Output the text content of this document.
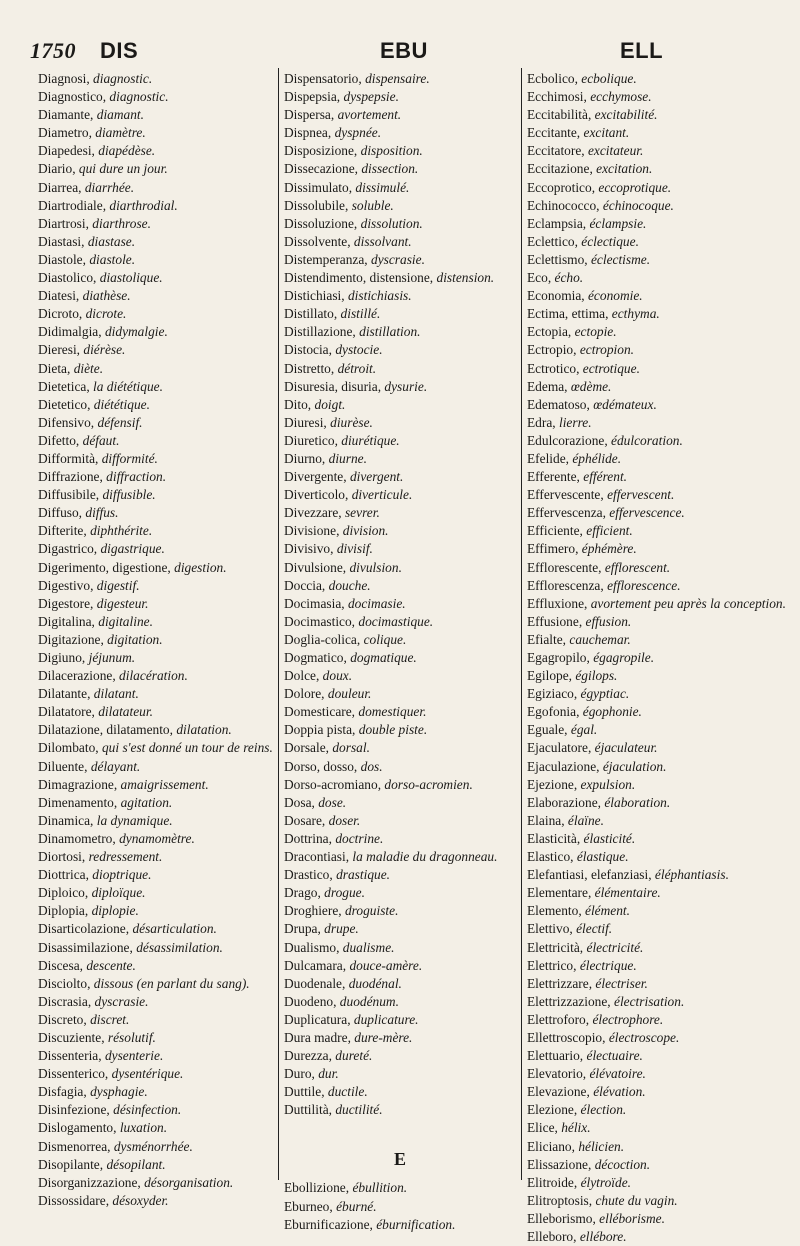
1750 DIS	EBU	ELL

Diagnosi, diagnostic.

Diagnostico, diagnostic.

Diamante, diamant.

Diametro, diamètre.

Diapedesi, diapédèse.

Diario, qui dure un jour.

Diarrea, diarrhée.

Diartrodiale, diarthrodial.

Diartrosi, diarthrose.

Diastasi, diastase.

Diastole, diastole.

Diastolico, diastolique.

Diatesi, diathèse.

Dicroto, dicrote.

Didimalgia, didymalgie.

Dieresi, diérèse.

Dieta, diète.

Dietetica, la diététique.

Dietetico, diététique.

Difensivo, défensif.

Difetto, défaut.

Difformità, difformité.

Diffrazione, diffraction.

Diffusibile, diffusible.

Diffuso, diffus.

Difterite, diphthérite.

Digastrico, digastrique.

Digerimento, digestione, digestion.

Digestivo, digestif.

Digestore, digesteur.

Digitalina, digitaline.

Digitazione, digitation.

Digiuno, jéjunum.

Dilacerazione, dilacération.

Dilatante, dilatant.

Dilatatore, dilatateur.

Dilatazione, dilatamento, dilatation.

Dilombato, qui s'est donné un tour de reins.

Diluente, délayant.

Dimagrazione, amaigrissement.

Dimenamento, agitation.

Dinamica, la dynamique.

Dinamometro, dynamomètre.

Diortosi, redressement.

Diottrica, dioptrique.

Diploico, diploïque.

Diplopia, diplopie.

Disarticolazione, désarticulation.

Disassimilazione, désassimilation.

Discesa, descente.

Disciolto, dissous (en parlant du sang).

Discrasia, dyscrasie.

Discreto, discret.

Discuziente, résolutif.

Dissenteria, dysenterie.

Dissenterico, dysentérique.

Disfagia, dysphagie.

Disinfezione, désinfection.

Dislogamento, luxation.

Dismenorrea, dysménorrhée.

Disopilante, désopilant.

Disorganizzazione, désorganisation.

Dissossidare, désoxyder.

Dispensatorio, dispensaire.

Dispepsia, dyspepsie.

Dispersa, avortement.

Dispnea, dyspnée.

Disposizione, disposition.

Dissecazione, dissection.

Dissimulato, dissimulé.

Dissolubile, soluble.

Dissoluzione, dissolution.

Dissolvente, dissolvant.

Distemperanza, dyscrasie.

Distendimento, distensione, distension.

Distichiasi, distichiasis.

Distillato, distillé.

Distillazione, distillation.

Distocia, dystocie.

Distretto, détroit.

Disuresia, disuria, dysurie.

Dito, doigt.

Diuresi, diurèse.

Diuretico, diurétique.

Diurno, diurne.

Divergente, divergent.

Diverticolo, diverticule.

Divezzare, sevrer.

Divisione, division.

Divisivo, divisif.

Divulsione, divulsion.

Doccia, douche.

Docimasia, docimasie.

Docimastico, docimastique.

Doglia-colica, colique.

Dogmatico, dogmatique.

Dolce, doux.

Dolore, douleur.

Domesticare, domestiquer.

Doppia pista, double piste.

Dorsale, dorsal.

Dorso, dosso, dos.

Dorso-acromiano, dorso-acromien.

Dosa, dose.

Dosare, doser.

Dottrina, doctrine.

Dracontiasi, la maladie du dragonneau.

Drastico, drastique.

Drago, drogue.

Droghiere, droguiste.

Drupa, drupe.

Dualismo, dualisme.

Dulcamara, douce-amère.

Duodenale, duodénal.

Duodeno, duodénum.

Duplicatura, duplicature.

Dura madre, dure-mère.

Durezza, dureté.

Duro, dur.

Duttile, ductile.

Duttilità, ductilité.

E

Ebollizione, ébullition.

Eburneo, éburné.

Eburnificazione, éburnification.

Ecbolico, ecbolique.

Ecchimosi, ecchymose.

Eccitabilità, excitabilité.

Eccitante, excitant.

Eccitatore, excitateur.

Eccitazione, excitation.

Eccoprotico, eccoprotique.

Echinococco, échinocoque.

Eclampsia, éclampsie.

Eclettico, éclectique.

Eclettismo, éclectisme.

Eco, écho.

Economia, économie.

Ectima, ettima, ecthyma.

Ectopia, ectopie.

Ectropio, ectropion.

Ectrotico, ectrotique.

Edema, œdème.

Edematoso, œdémateux.

Edra, lierre.

Edulcorazione, édulcoration.

Efelide, éphélide.

Efferente, efférent.

Effervescente, effervescent.

Effervescenza, effervescence.

Efficiente, efficient.

Effimero, éphémère.

Efflorescente, efflorescent.

Efflorescenza, efflorescence.

Effluxione, avortement peu après la conception.

Effusione, effusion.

Efialte, cauchemar.

Egagropilo, égagropile.

Egilope, égilops.

Egiziaco, égyptiac.

Egofonia, égophonie.

Eguale, égal.

Ejaculatore, éjaculateur.

Ejaculazione, éjaculation.

Ejezione, expulsion.

Elaborazione, élaboration.

Elaina, élaïne.

Elasticità, élasticité.

Elastico, élastique.

Elefantiasi, elefanziasi, éléphantiasis.

Elementare, élémentaire.

Elemento, élément.

Elettivo, électif.

Elettricità, électricité.

Elettrico, électrique.

Elettrizzare, électriser.

Elettrizzazione, électrisation.

Elettroforo, électrophore.

Ellettroscopio, électroscope.

Elettuario, électuaire.

Elevatorio, élévatoire.

Elevazione, élévation.

Elezione, élection.

Elice, hélix.

Eliciano, hélicien.

Elissazione, décoction.

Elitroide, élytroïde.

Elitroptosis, chute du vagin.

Elleborismo, elléborisme.

Elleboro, ellébore.
